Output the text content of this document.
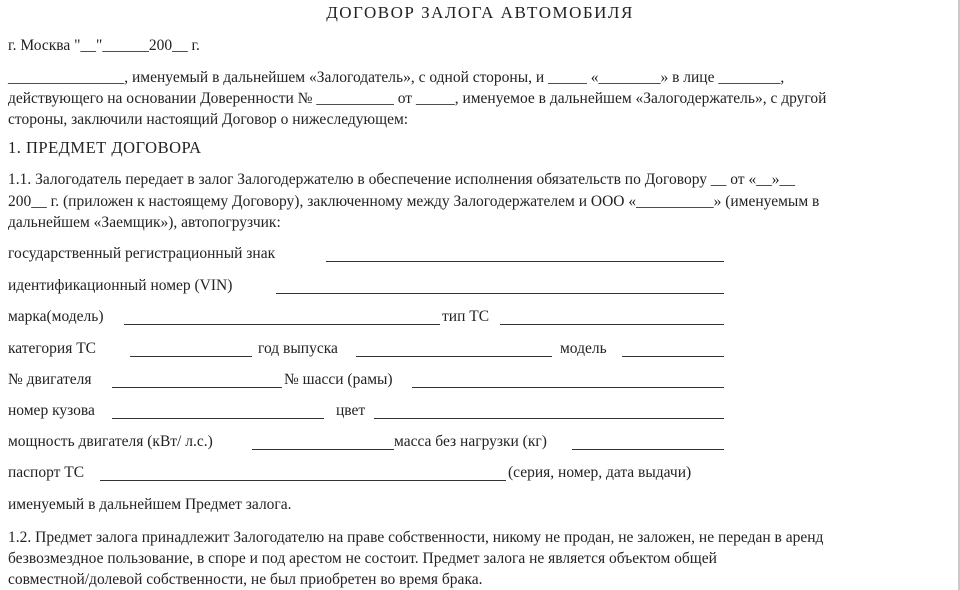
ДОГОВОР ЗАЛОГА АВТОМОБИЛЯ
г. Москва "__"______200__ г.
_______________, именуемый в дальнейшем «Залогодатель», с одной стороны, и _____ «________» в лице ________,
действующего на основании Доверенности № __________ от _____, именуемое в дальнейшем «Залогодержатель», с другой
стороны, заключили настоящий Договор о нижеследующем:
1. ПРЕДМЕТ ДОГОВОРА
1.1. Залогодатель передает в залог Залогодержателю в обеспечение исполнения обязательств по Договору __ от «__»__
200__ г. (приложен к настоящему Договору), заключенному между Залогодержателем и ООО «__________» (именуемым в
дальнейшем «Заемщик»), автопогрузчик:
государственный регистрационный знак
идентификационный номер (VIN)
марка(модель)	тип ТС
категория ТС	год выпуска	модель
№ двигателя	№ шасси (рамы)
номер кузова	цвет
мощность двигателя (кВт/ л.с.)	масса без нагрузки (кг)
паспорт ТС	(серия, номер, дата выдачи)
именуемый в дальнейшем Предмет залога.
1.2. Предмет залога принадлежит Залогодателю на праве собственности, никому не продан, не заложен, не передан в аренд
безвозмездное пользование, в споре и под арестом не состоит. Предмет залога не является объектом общей
совместной/долевой собственности, не был приобретен во время брака.
